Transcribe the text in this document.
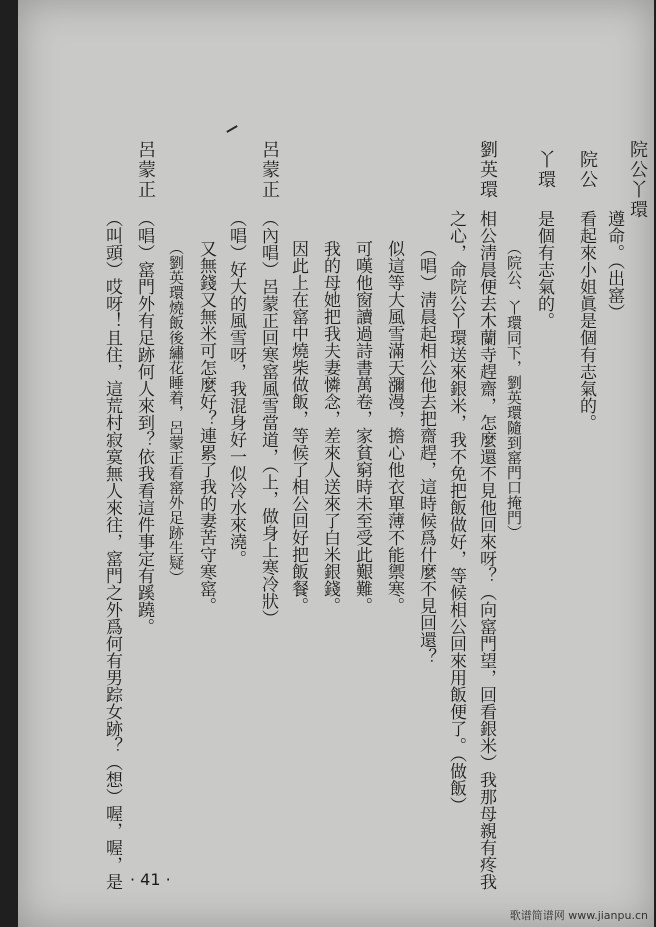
院公丫環
遵命。（出窰）
院公
看起來小姐眞是個有志氣的。
丫環
是個有志氣的。
（院公、丫環同下，劉英環隨到窰門口掩門）
劉英環
相公淸晨便去木蘭寺趕齋，怎麼還不見他回來呀？（向窰門望，回看銀米）我那母親有疼我
之心，命院公丫環送來銀米，我不免把飯做好，等候相公回來用飯便了。（做飯）
（唱）淸晨起相公他去把齋趕，這時候爲什麼不見回還？
似這等大風雪滿天瀰漫，擔心他衣單薄不能禦寒。
可嘆他窗讀過詩書萬卷，家貧窮時未至受此艱難。
我的母她把我夫妻憐念，差來人送來了白米銀錢。
因此上在窰中燒柴做飯，等候了相公回好把飯餐。
呂蒙正
（內唱）呂蒙正回寒窰風雪當道，（上，做身上寒冷狀）
（唱）好大的風雪呀，我混身好一似冷水來澆。
又無錢又無米可怎麼好？連累了我的妻苦守寒窰。
（劉英環燒飯後繡花睡着，呂蒙正看窰外足跡生疑）
呂蒙正
（唱）窰門外有足跡何人來到？依我看這件事定有蹊蹺。
（叫頭）哎呀！且住，這荒村寂寞無人來往，窰門之外爲何有男踪女跡？（想）喔，喔，是 · 41 ·
歌谱简谱网 www.jianpu.cn
